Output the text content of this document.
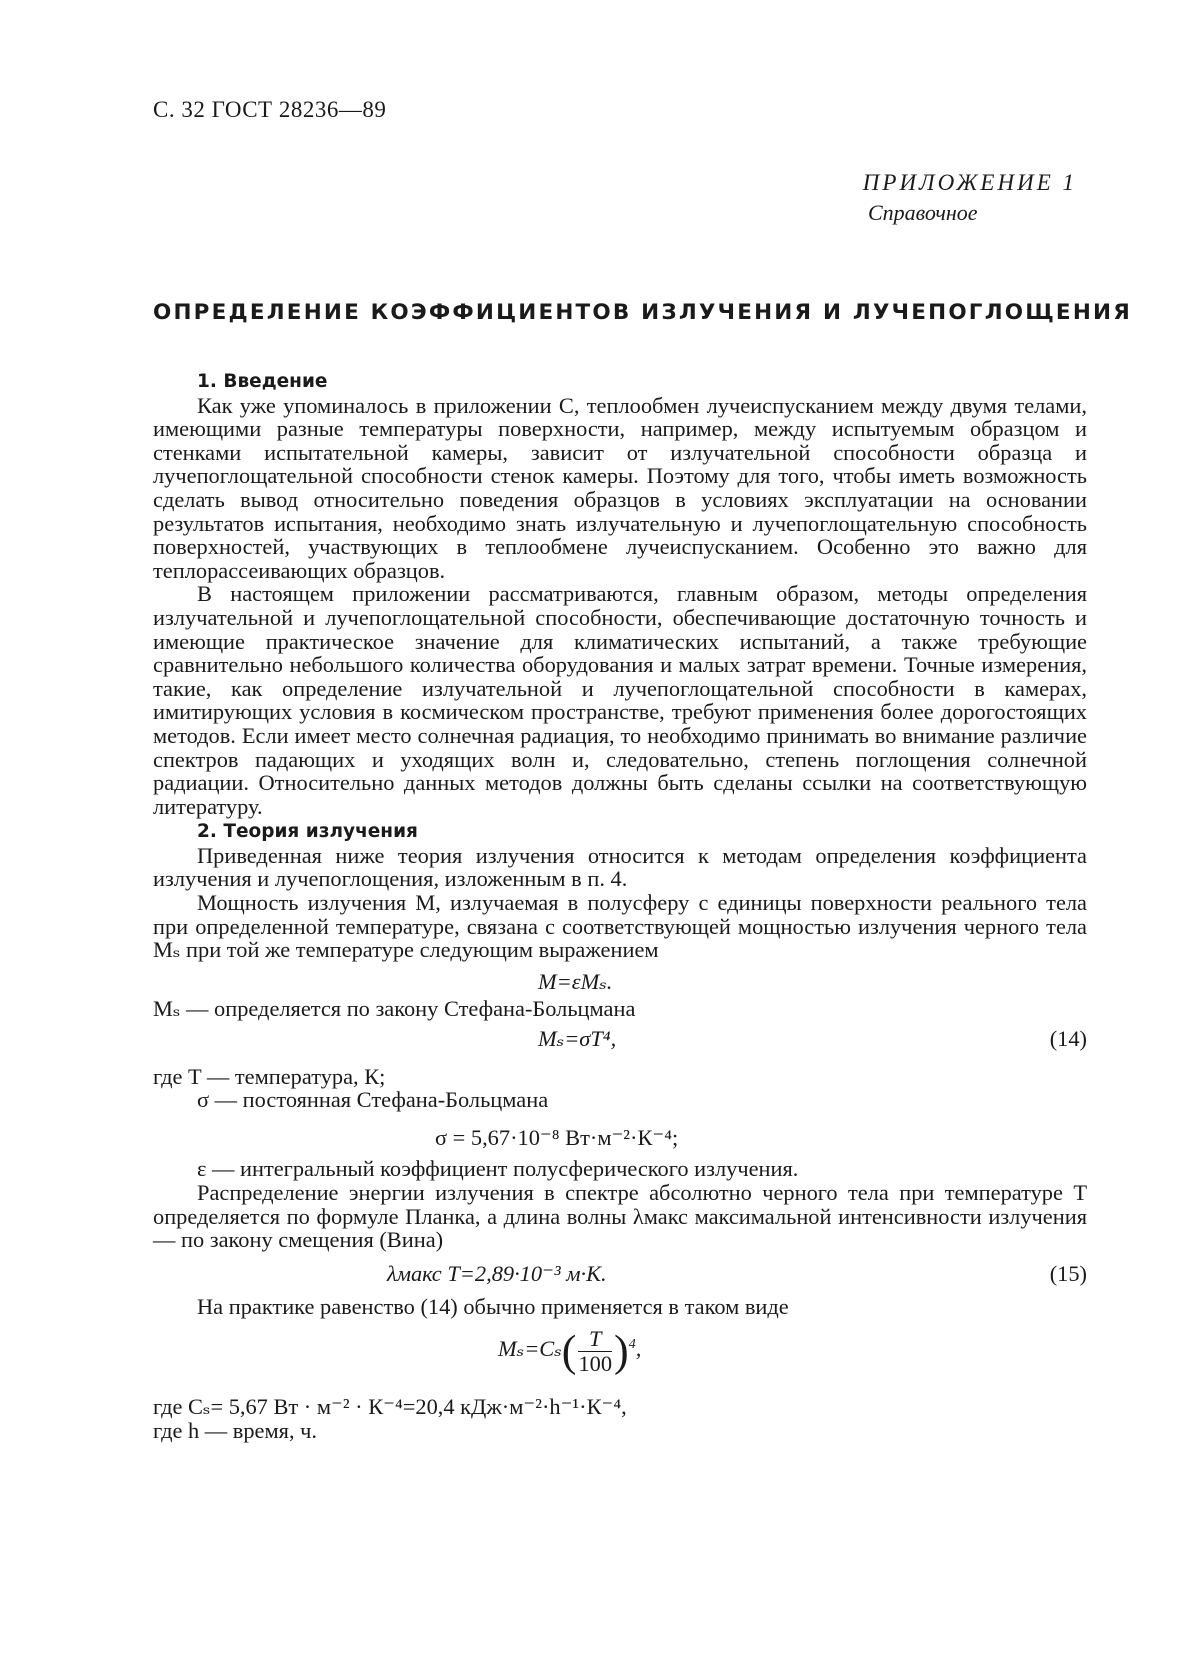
С. 32 ГОСТ 28236—89
ПРИЛОЖЕНИЕ 1
Справочное
ОПРЕДЕЛЕНИЕ КОЭФФИЦИЕНТОВ ИЗЛУЧЕНИЯ И ЛУЧЕПОГЛОЩЕНИЯ
1. Введение

Как уже упоминалось в приложении С, теплообмен лучеиспусканием между двумя телами, имеющими разные температуры поверхности, например, между испытуемым образцом и стенками испытательной камеры, зависит от излучательной способности образца и лучепоглощательной способности стенок камеры. Поэтому для того, чтобы иметь возможность сделать вывод относительно поведения образцов в условиях эксплуатации на основании результатов испытания, необходимо знать излучательную и лучепоглощательную способность поверхностей, участвующих в теплообмене лучеиспусканием. Особенно это важно для теплорассеивающих образцов.

В настоящем приложении рассматриваются, главным образом, методы определения излучательной и лучепоглощательной способности, обеспечивающие достаточную точность и имеющие практическое значение для климатических испытаний, а также требующие сравнительно небольшого количества оборудования и малых затрат времени. Точные измерения, такие, как определение излучательной и лучепоглощательной способности в камерах, имитирующих условия в космическом пространстве, требуют применения более дорогостоящих методов. Если имеет место солнечная радиация, то необходимо принимать во внимание различие спектров падающих и уходящих волн и, следовательно, степень поглощения солнечной радиации. Относительно данных методов должны быть сделаны ссылки на соответствующую литературу.

2. Теория излучения

Приведенная ниже теория излучения относится к методам определения коэффициента излучения и лучепоглощения, изложенным в п. 4.

Мощность излучения M, излучаемая в полусферу с единицы поверхности реального тела при определенной температуре, связана с соответствующей мощностью излучения черного тела Mₛ при той же температуре следующим выражением

M=εMₛ.
Mₛ — определяется по закону Стефана-Больцмана
Mₛ=σT⁴,	(14)
где T — температура, К;
σ — постоянная Стефана-Больцмана
σ = 5,67·10⁻⁸ Вт·м⁻²·К⁻⁴;
ε — интегральный коэффициент полусферического излучения.

Распределение энергии излучения в спектре абсолютно черного тела при температуре T определяется по формуле Планка, а длина волны λмакс максимальной интенсивности излучения — по закону смещения (Вина)

λмакс T=2,89·10⁻³ м·К.	(15)

На практике равенство (14) обычно применяется в таком виде

$M_s=C_s( \frac{T}{100} )^4$,
где Cₛ= 5,67 Вт · м⁻² · К⁻⁴=20,4 кДж·м⁻²·h⁻¹·К⁻⁴,
где h — время, ч.
